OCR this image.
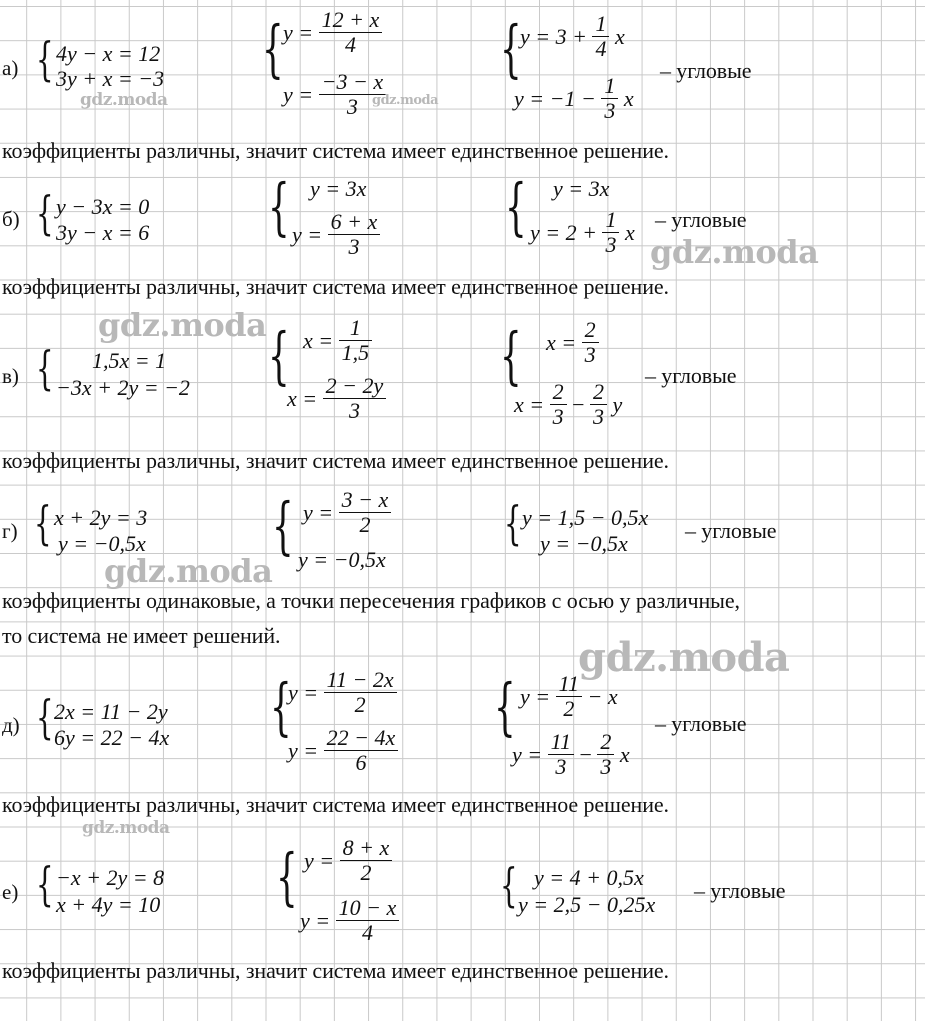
а) { 4y − x = 12
3y + x = −3 { $y = \frac{12 + x}{4}$
$y = \frac{-3 - x}{3}$
{
$y = 3 + \frac{1}{4}$ x
$y = -1 - \frac{1}{3}$ x
– угловые
коэффициенты различны, значит система имеет единственное решение.
б) { y − 3x = 0
3y − x = 6 { y = 3x
$y = \frac{6 + x}{3}$ { y = 3x
$y = 2 + \frac{1}{3}$ x – угловые
коэффициенты различны, значит система имеет единственное решение.
в) { 1,5x = 1
−3x + 2y = −2 { $x = \frac{1}{1,5}$
$x = \frac{2 - 2y}{3}$
{ $x = \frac{2}{3}$
$x = \frac{2}{3} - \frac{2}{3}$ y
– угловые
коэффициенты различны, значит система имеет единственное решение.
г) { x + 2y = 3
y = −0,5x { $y = \frac{3 - x}{2}$
y = −0,5x
{ y = 1,5 − 0,5x
y = −0,5x
– угловые
коэффициенты одинаковые, а точки пересечения графиков с осью y различные,
то система не имеет решений.
д) { 2x = 11 − 2y
6y = 22 − 4x {
$y = \frac{11 - 2x}{2}$
$y = \frac{22 - 4x}{6}$
{ $y = \frac{11}{2} - x$
$y = \frac{11}{3} - \frac{2}{3}$ x
– угловые
коэффициенты различны, значит система имеет единственное решение.
е) { −x + 2y = 8
x + 4y = 10 { $y = \frac{8 + x}{2}$
$y = \frac{10 - x}{4}$
{ y = 4 + 0,5x
y = 2,5 − 0,25x
– угловые
коэффициенты различны, значит система имеет единственное решение.
gdz.moda	gdz.moda
gdz.moda
gdz.moda
gdz.moda
gdz.moda
gdz.moda
